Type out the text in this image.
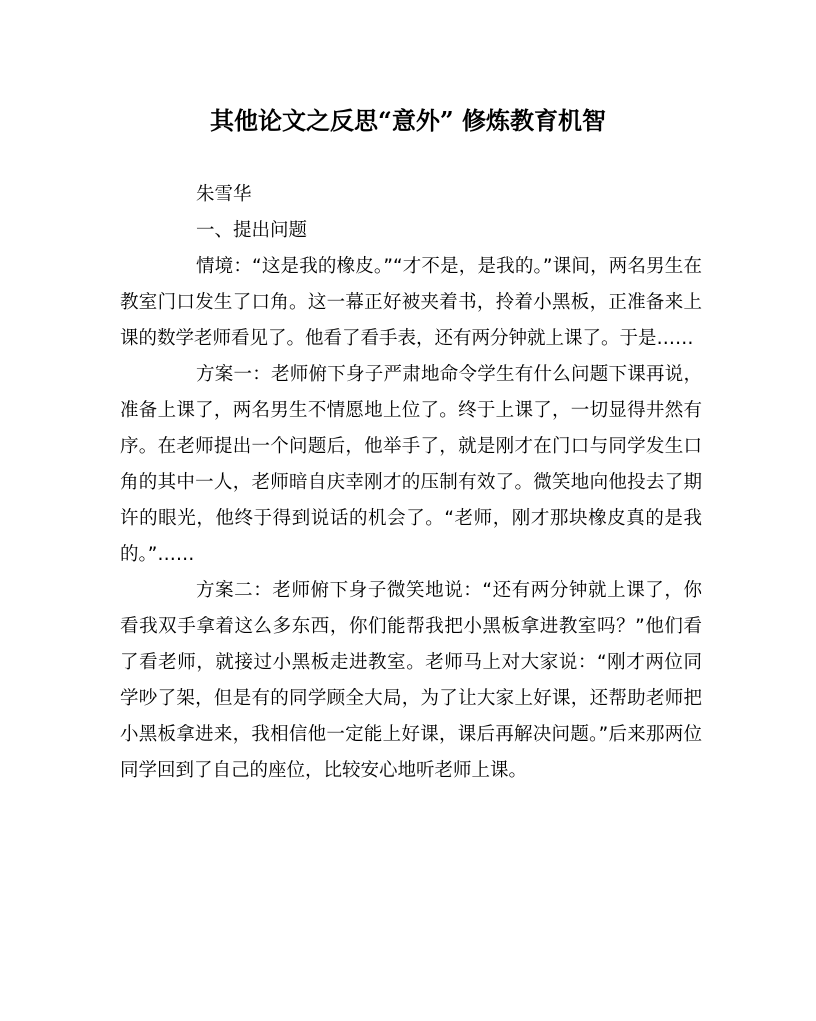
其他论文之反思“意外” 修炼教育机智

朱雪华

一、提出问题

情境：“这是我的橡皮。”“才不是，是我的。”课间，两名男生在教室门口发生了口角。这一幕正好被夹着书，拎着小黑板，正准备来上课的数学老师看见了。他看了看手表，还有两分钟就上课了。于是……

方案一：老师俯下身子严肃地命令学生有什么问题下课再说，准备上课了，两名男生不情愿地上位了。终于上课了，一切显得井然有序。在老师提出一个问题后，他举手了，就是刚才在门口与同学发生口角的其中一人，老师暗自庆幸刚才的压制有效了。微笑地向他投去了期许的眼光，他终于得到说话的机会了。“老师，刚才那块橡皮真的是我的。”……

方案二：老师俯下身子微笑地说：“还有两分钟就上课了，你看我双手拿着这么多东西，你们能帮我把小黑板拿进教室吗？”他们看了看老师，就接过小黑板走进教室。老师马上对大家说：“刚才两位同学吵了架，但是有的同学顾全大局，为了让大家上好课，还帮助老师把小黑板拿进来，我相信他一定能上好课，课后再解决问题。”后来那两位同学回到了自己的座位，比较安心地听老师上课。
